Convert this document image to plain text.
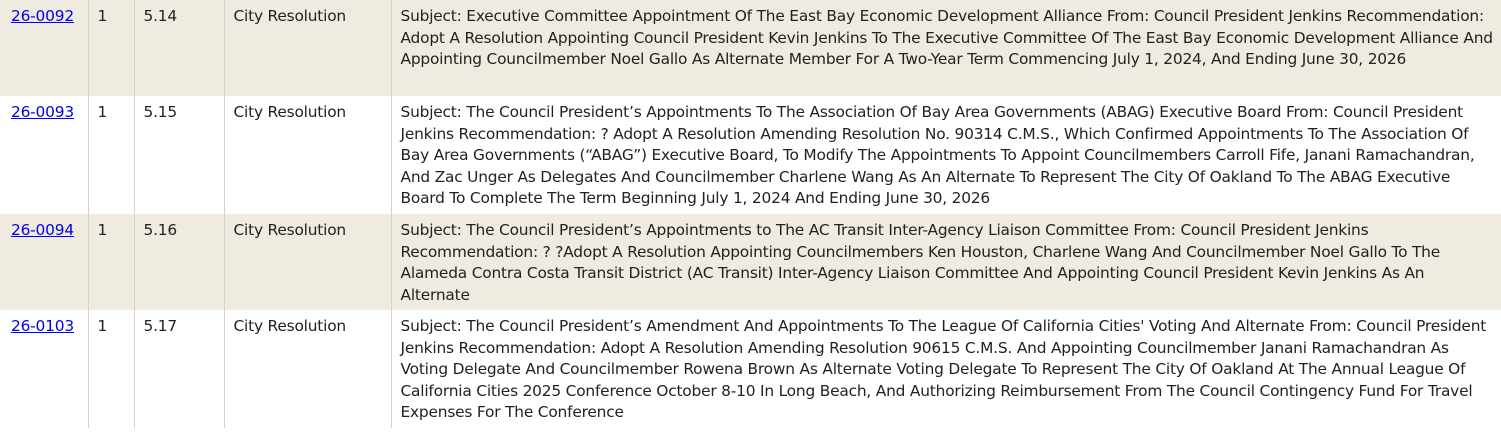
26-0092	1	5.14	City Resolution	Subject: Executive Committee Appointment Of The East Bay Economic Development Alliance From: Council President Jenkins Recommendation: Adopt A Resolution Appointing Council President Kevin Jenkins To The Executive Committee Of The East Bay Economic Development Alliance And Appointing Councilmember Noel Gallo As Alternate Member For A Two-Year Term Commencing July 1, 2024, And Ending June 30, 2026
26-0093	1	5.15	City Resolution	Subject: The Council President’s Appointments To The Association Of Bay Area Governments (ABAG) Executive Board From: Council President Jenkins Recommendation: ? Adopt A Resolution Amending Resolution No. 90314 C.M.S., Which Confirmed Appointments To The Association Of Bay Area Governments (“ABAG”) Executive Board, To Modify The Appointments To Appoint Councilmembers Carroll Fife, Janani Ramachandran, And Zac Unger As Delegates And Councilmember Charlene Wang As An Alternate To Represent The City Of Oakland To The ABAG Executive Board To Complete The Term Beginning July 1, 2024 And Ending June 30, 2026
26-0094	1	5.16	City Resolution	Subject: The Council President’s Appointments to The AC Transit Inter-Agency Liaison Committee From: Council President Jenkins Recommendation: ? ?Adopt A Resolution Appointing Councilmembers Ken Houston, Charlene Wang And Councilmember Noel Gallo To The Alameda Contra Costa Transit District (AC Transit) Inter-Agency Liaison Committee And Appointing Council President Kevin Jenkins As An Alternate
26-0103	1	5.17	City Resolution	Subject: The Council President’s Amendment And Appointments To The League Of California Cities' Voting And Alternate From: Council President Jenkins Recommendation: Adopt A Resolution Amending Resolution 90615 C.M.S. And Appointing Councilmember Janani Ramachandran As Voting Delegate And Councilmember Rowena Brown As Alternate Voting Delegate To Represent The City Of Oakland At The Annual League Of California Cities 2025 Conference October 8-10 In Long Beach, And Authorizing Reimbursement From The Council Contingency Fund For Travel Expenses For The Conference
